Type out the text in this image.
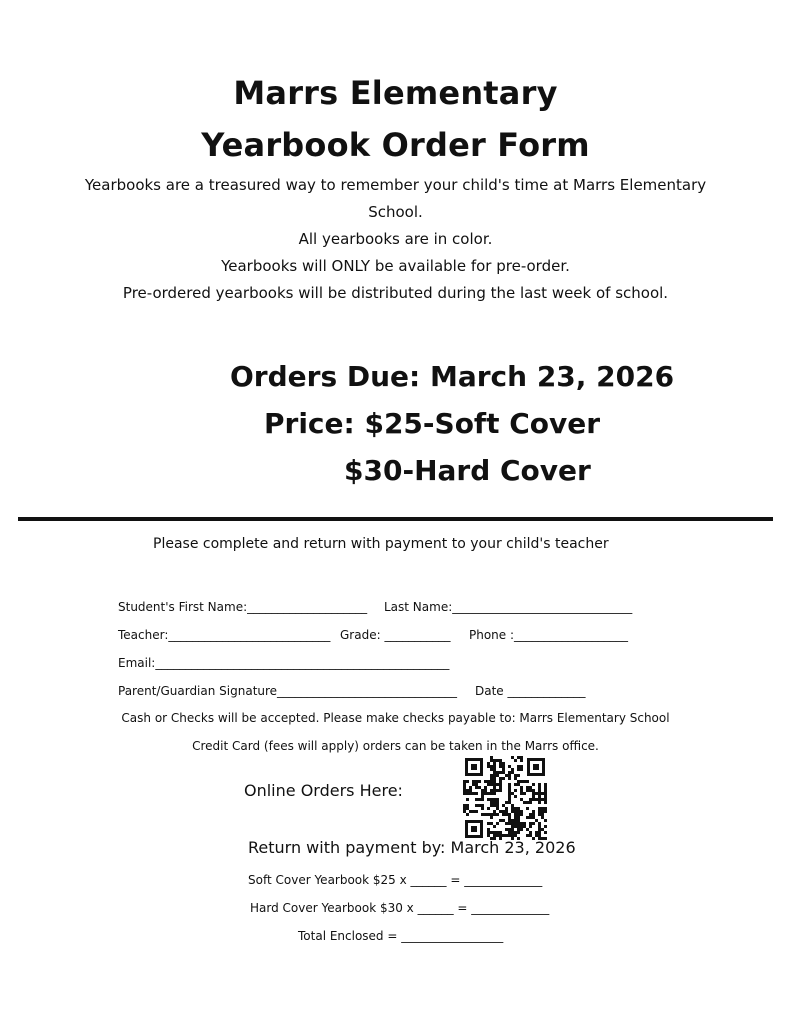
Marrs Elementary
Yearbook Order Form
Yearbooks are a treasured way to remember your child's time at Marrs Elementary
School.
All yearbooks are in color.
Yearbooks will ONLY be available for pre-order.
Pre-ordered yearbooks will be distributed during the last week of school.
Orders Due: March 23, 2026
Price: $25-Soft Cover
$30-Hard Cover
Please complete and return with payment to your child's teacher
Student's First Name:____________________ Last Name:______________________________
Teacher:___________________________ Grade: ___________ Phone :___________________
Email:_________________________________________________
Parent/Guardian Signature______________________________ Date _____________
Cash or Checks will be accepted. Please make checks payable to: Marrs Elementary School
Credit Card (fees will apply) orders can be taken in the Marrs office.
Online Orders Here:
Return with payment by: March 23, 2026
Soft Cover Yearbook $25 x ______ = _____________
Hard Cover Yearbook $30 x ______ = _____________
Total Enclosed = _________________
